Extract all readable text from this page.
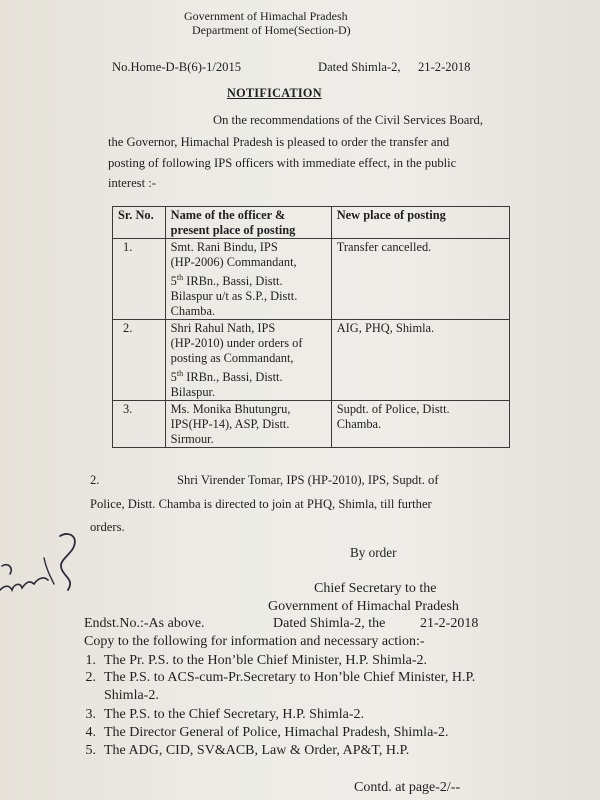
Government of Himachal Pradesh
Department of Home(Section-D)
No.Home-D-B(6)-1/2015	Dated Shimla-2, 21-2-2018
NOTIFICATION
On the recommendations of the Civil Services Board,
the Governor, Himachal Pradesh is pleased to order the transfer and
posting of following IPS officers with immediate effect, in the public
interest :-
Sr. No.	Name of the officer & present place of posting	New place of posting
1.	Smt. Rani Bindu, IPS
(HP-2006) Commandant,
5th IRBn., Bassi, Distt.
Bilaspur u/t as S.P., Distt.
Chamba.	Transfer cancelled.

2.	Shri Rahul Nath, IPS
(HP-2010) under orders of
posting as Commandant,
5th IRBn., Bassi, Distt.
Bilaspur.	AIG, PHQ, Shimla.

3.	Ms. Monika Bhutungru,
IPS(HP-14), ASP, Distt.
Sirmour.	Supdt. of Police, Distt.
Chamba.
2.	Shri Virender Tomar, IPS (HP-2010), IPS, Supdt. of
Police, Distt. Chamba is directed to join at PHQ, Shimla, till further
orders.
By order
Chief Secretary to the
Government of Himachal Pradesh
Endst.No.:-As above.	Dated Shimla-2, the 21-2-2018
Copy to the following for information and necessary action:-
1. The Pr. P.S. to the Hon’ble Chief Minister, H.P. Shimla-2.
2. The P.S. to ACS-cum-Pr.Secretary to Hon’ble Chief Minister, H.P.
Shimla-2.
3. The P.S. to the Chief Secretary, H.P. Shimla-2.
4. The Director General of Police, Himachal Pradesh, Shimla-2.
5. The ADG, CID, SV&ACB, Law & Order, AP&T, H.P.
Contd. at page-2/--
